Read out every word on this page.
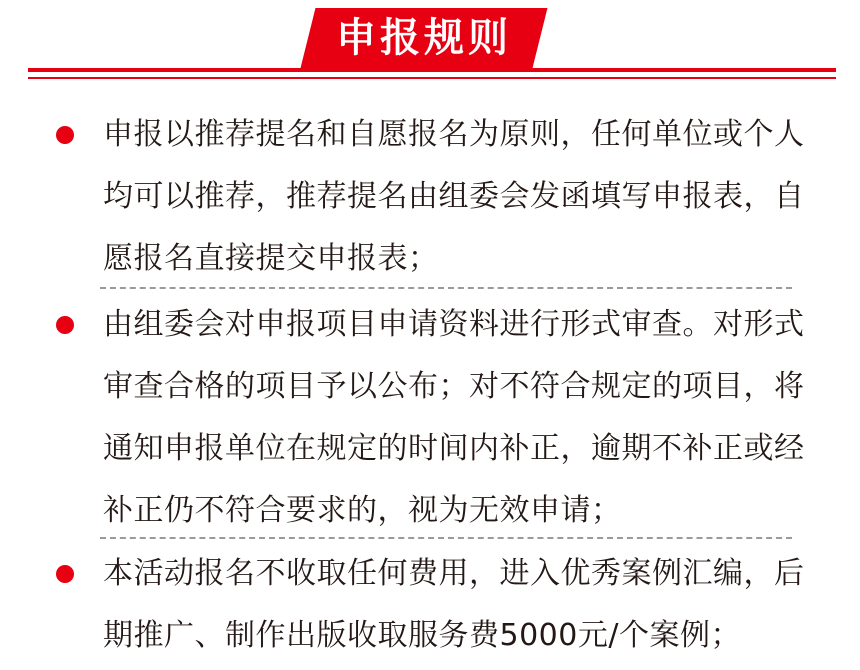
申报规则
申报以推荐提名和自愿报名为原则，任何单位或个人均可以推荐，推荐提名由组委会发函填写申报表，自愿报名直接提交申报表；
由组委会对申报项目申请资料进行形式审查。对形式审查合格的项目予以公布；对不符合规定的项目，将通知申报单位在规定的时间内补正，逾期不补正或经补正仍不符合要求的，视为无效申请；
本活动报名不收取任何费用，进入优秀案例汇编，后期推广、制作出版收取服务费5000元/个案例；
